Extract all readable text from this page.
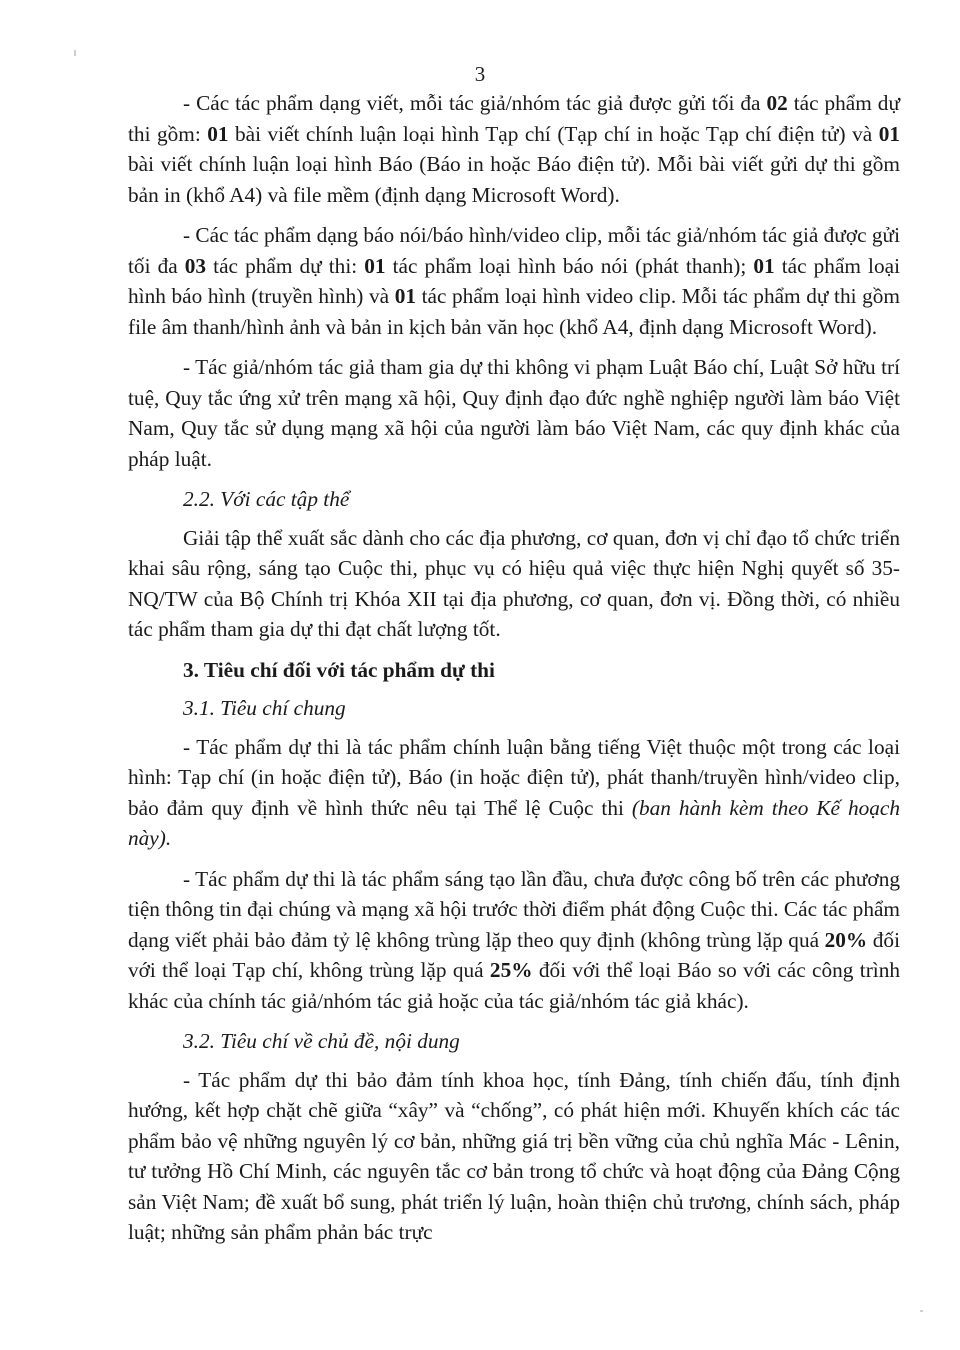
3

- Các tác phẩm dạng viết, mỗi tác giả/nhóm tác giả được gửi tối đa 02 tác phẩm dự thi gồm: 01 bài viết chính luận loại hình Tạp chí (Tạp chí in hoặc Tạp chí điện tử) và 01 bài viết chính luận loại hình Báo (Báo in hoặc Báo điện tử). Mỗi bài viết gửi dự thi gồm bản in (khổ A4) và file mềm (định dạng Microsoft Word).

- Các tác phẩm dạng báo nói/báo hình/video clip, mỗi tác giả/nhóm tác giả được gửi tối đa 03 tác phẩm dự thi: 01 tác phẩm loại hình báo nói (phát thanh); 01 tác phẩm loại hình báo hình (truyền hình) và 01 tác phẩm loại hình video clip. Mỗi tác phẩm dự thi gồm file âm thanh/hình ảnh và bản in kịch bản văn học (khổ A4, định dạng Microsoft Word).

- Tác giả/nhóm tác giả tham gia dự thi không vi phạm Luật Báo chí, Luật Sở hữu trí tuệ, Quy tắc ứng xử trên mạng xã hội, Quy định đạo đức nghề nghiệp người làm báo Việt Nam, Quy tắc sử dụng mạng xã hội của người làm báo Việt Nam, các quy định khác của pháp luật.

2.2. Với các tập thể

Giải tập thể xuất sắc dành cho các địa phương, cơ quan, đơn vị chỉ đạo tổ chức triển khai sâu rộng, sáng tạo Cuộc thi, phục vụ có hiệu quả việc thực hiện Nghị quyết số 35-NQ/TW của Bộ Chính trị Khóa XII tại địa phương, cơ quan, đơn vị. Đồng thời, có nhiều tác phẩm tham gia dự thi đạt chất lượng tốt.

3. Tiêu chí đối với tác phẩm dự thi

3.1. Tiêu chí chung

- Tác phẩm dự thi là tác phẩm chính luận bằng tiếng Việt thuộc một trong các loại hình: Tạp chí (in hoặc điện tử), Báo (in hoặc điện tử), phát thanh/truyền hình/video clip, bảo đảm quy định về hình thức nêu tại Thể lệ Cuộc thi (ban hành kèm theo Kế hoạch này).

- Tác phẩm dự thi là tác phẩm sáng tạo lần đầu, chưa được công bố trên các phương tiện thông tin đại chúng và mạng xã hội trước thời điểm phát động Cuộc thi. Các tác phẩm dạng viết phải bảo đảm tỷ lệ không trùng lặp theo quy định (không trùng lặp quá 20% đối với thể loại Tạp chí, không trùng lặp quá 25% đối với thể loại Báo so với các công trình khác của chính tác giả/nhóm tác giả hoặc của tác giả/nhóm tác giả khác).

3.2. Tiêu chí về chủ đề, nội dung

- Tác phẩm dự thi bảo đảm tính khoa học, tính Đảng, tính chiến đấu, tính định hướng, kết hợp chặt chẽ giữa “xây” và “chống”, có phát hiện mới. Khuyến khích các tác phẩm bảo vệ những nguyên lý cơ bản, những giá trị bền vững của chủ nghĩa Mác - Lênin, tư tưởng Hồ Chí Minh, các nguyên tắc cơ bản trong tổ chức và hoạt động của Đảng Cộng sản Việt Nam; đề xuất bổ sung, phát triển lý luận, hoàn thiện chủ trương, chính sách, pháp luật; những sản phẩm phản bác trực
